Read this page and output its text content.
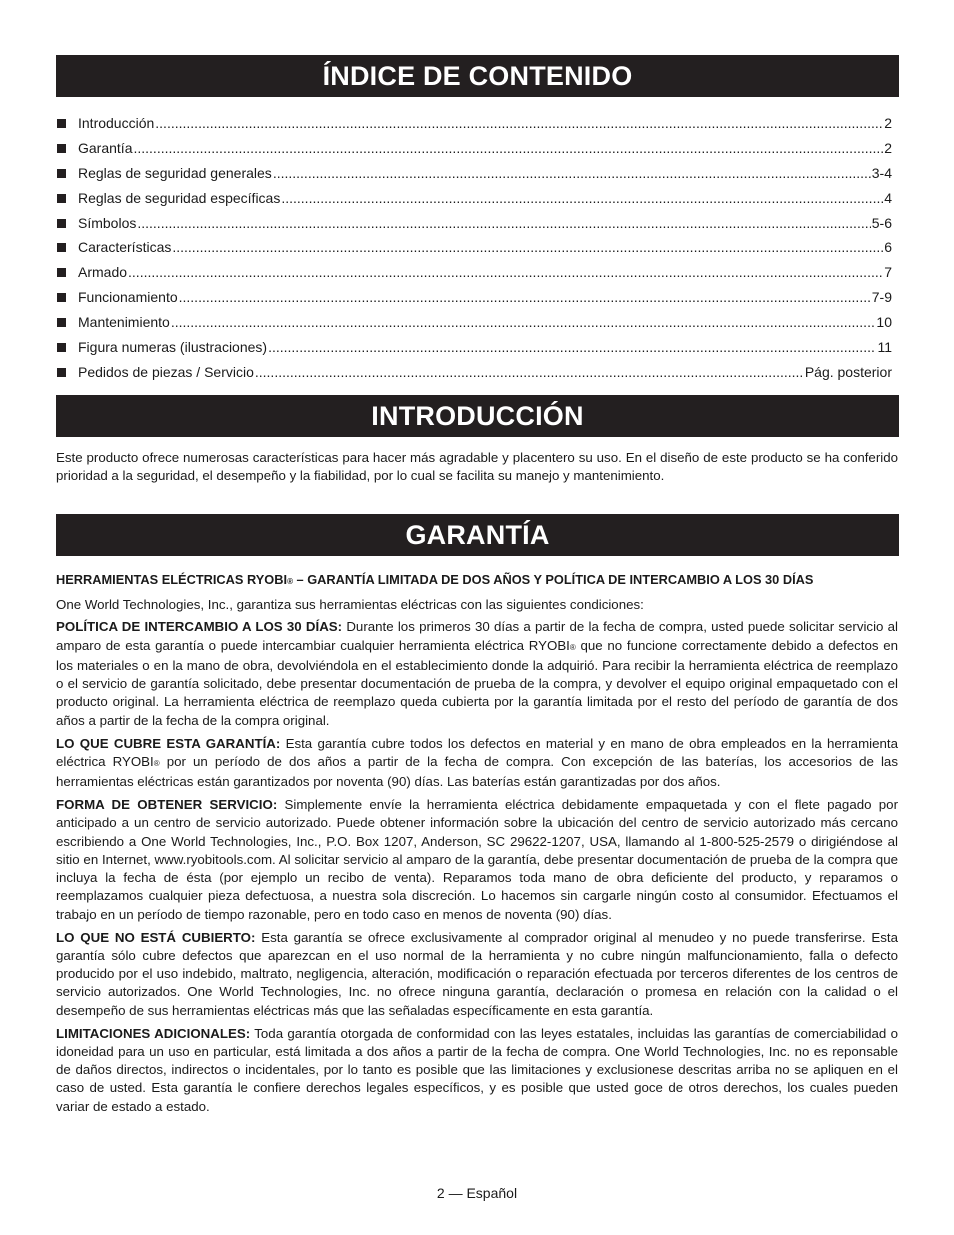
ÍNDICE DE CONTENIDO
Introducción .....	2
Garantía .....	2
Reglas de seguridad generales .....	3-4
Reglas de seguridad específicas .....	4
Símbolos .....	5-6
Características .....	6
Armado .....	7
Funcionamiento .....	7-9
Mantenimiento .....	10
Figura numeras (ilustraciones) .....	11
Pedidos de piezas / Servicio .....	Pág. posterior
INTRODUCCIÓN

Este producto ofrece numerosas características para hacer más agradable y placentero su uso. En el diseño de este producto se ha conferido prioridad a la seguridad, el desempeño y la fiabilidad, por lo cual se facilita su manejo y mantenimiento.

GARANTÍA

HERRAMIENTAS ELÉCTRICAS RYOBI® – GARANTÍA LIMITADA DE DOS AÑOS Y POLÍTICA DE INTERCAMBIO A LOS 30 DÍAS

One World Technologies, Inc., garantiza sus herramientas eléctricas con las siguientes condiciones:

POLÍTICA DE INTERCAMBIO A LOS 30 DÍAS: Durante los primeros 30 días a partir de la fecha de compra, usted puede solicitar servicio al amparo de esta garantía o puede intercambiar cualquier herramienta eléctrica RYOBI® que no funcione correctamente debido a defectos en los materiales o en la mano de obra, devolviéndola en el establecimiento donde la adquirió. Para recibir la herramienta eléctrica de reemplazo o el servicio de garantía solicitado, debe presentar documentación de prueba de la compra, y devolver el equipo original empaquetado con el producto original. La herramienta eléctrica de reemplazo queda cubierta por la garantía limitada por el resto del período de garantía de dos años a partir de la fecha de la compra original.

LO QUE CUBRE ESTA GARANTÍA: Esta garantía cubre todos los defectos en material y en mano de obra empleados en la herramienta eléctrica RYOBI® por un período de dos años a partir de la fecha de compra. Con excepción de las baterías, los accesorios de las herramientas eléctricas están garantizados por noventa (90) días. Las baterías están garantizadas por dos años.

FORMA DE OBTENER SERVICIO: Simplemente envíe la herramienta eléctrica debidamente empaquetada y con el flete pagado por anticipado a un centro de servicio autorizado. Puede obtener información sobre la ubicación del centro de servicio autorizado más cercano escribiendo a One World Technologies, Inc., P.O. Box 1207, Anderson, SC 29622-1207, USA, llamando al 1-800-525-2579 o dirigiéndose al sitio en Internet, www.ryobitools.com. Al solicitar servicio al amparo de la garantía, debe presentar documentación de prueba de la compra que incluya la fecha de ésta (por ejemplo un recibo de venta). Reparamos toda mano de obra deficiente del producto, y reparamos o reemplazamos cualquier pieza defectuosa, a nuestra sola discreción. Lo hacemos sin cargarle ningún costo al consumidor. Efectuamos el trabajo en un período de tiempo razonable, pero en todo caso en menos de noventa (90) días.

LO QUE NO ESTÁ CUBIERTO: Esta garantía se ofrece exclusivamente al comprador original al menudeo y no puede transferirse. Esta garantía sólo cubre defectos que aparezcan en el uso normal de la herramienta y no cubre ningún malfuncionamiento, falla o defecto producido por el uso indebido, maltrato, negligencia, alteración, modificación o reparación efectuada por terceros diferentes de los centros de servicio autorizados. One World Technologies, Inc. no ofrece ninguna garantía, declaración o promesa en relación con la calidad o el desempeño de sus herramientas eléctricas más que las señaladas específicamente en esta garantía.

LIMITACIONES ADICIONALES: Toda garantía otorgada de conformidad con las leyes estatales, incluidas las garantías de comerciabilidad o idoneidad para un uso en particular, está limitada a dos años a partir de la fecha de compra. One World Technologies, Inc. no es reponsable de daños directos, indirectos o incidentales, por lo tanto es posible que las limitaciones y exclusionese descritas arriba no se apliquen en el caso de usted. Esta garantía le confiere derechos legales específicos, y es posible que usted goce de otros derechos, los cuales pueden variar de estado a estado.

2 — Español
